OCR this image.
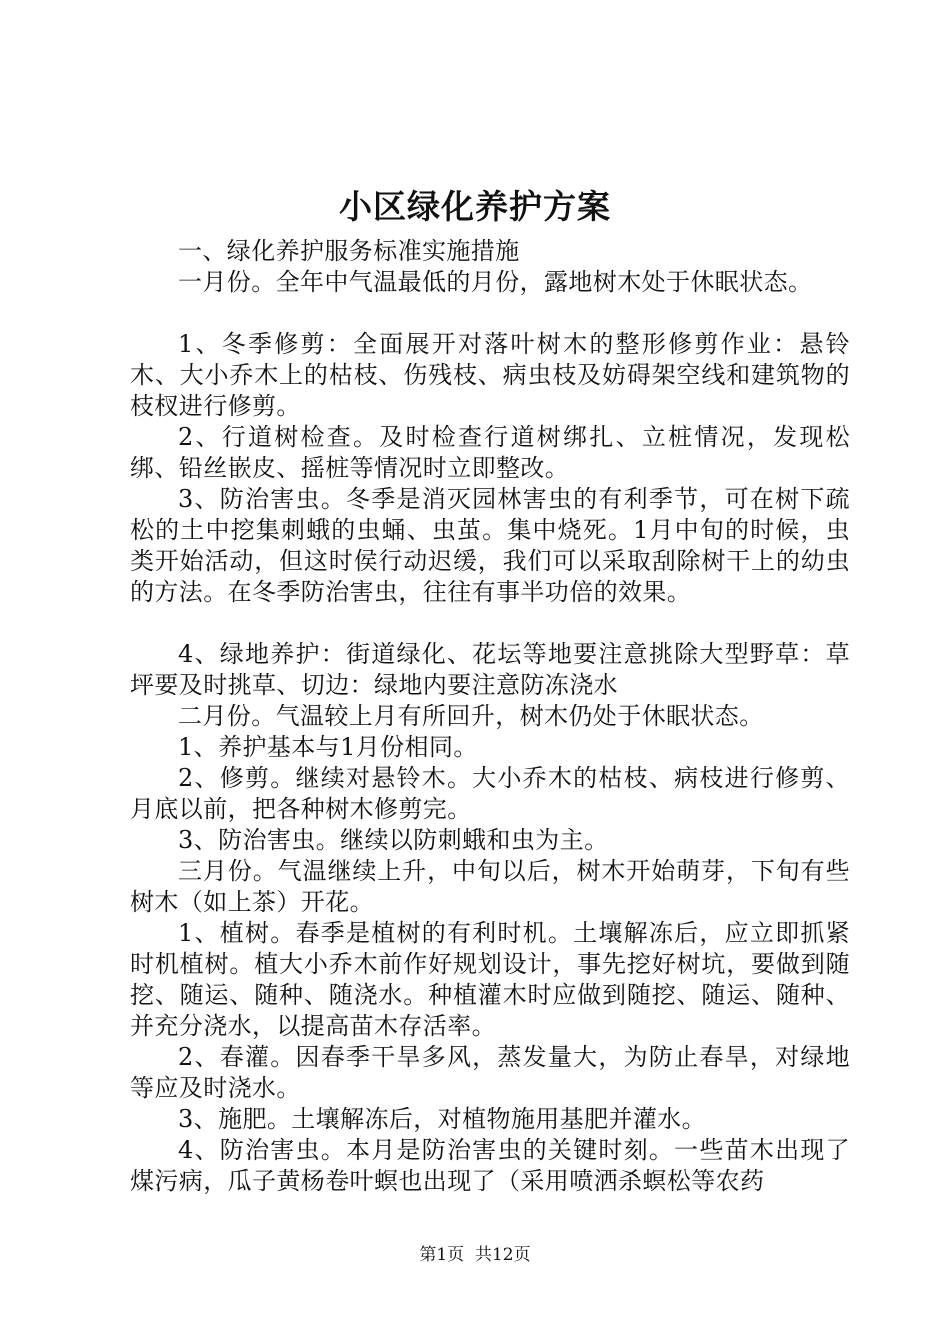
小区绿化养护方案

一、绿化养护服务标准实施措施

一月份。全年中气温最低的月份，露地树木处于休眠状态。

1、冬季修剪：全面展开对落叶树木的整形修剪作业：悬铃木、大小乔木上的枯枝、伤残枝、病虫枝及妨碍架空线和建筑物的枝杈进行修剪。

2、行道树检查。及时检查行道树绑扎、立桩情况，发现松绑、铅丝嵌皮、摇桩等情况时立即整改。

3、防治害虫。冬季是消灭园林害虫的有利季节，可在树下疏松的土中挖集刺蛾的虫蛹、虫茧。集中烧死。1月中旬的时候，虫类开始活动，但这时侯行动迟缓，我们可以采取刮除树干上的幼虫的方法。在冬季防治害虫，往往有事半功倍的效果。

4、绿地养护：街道绿化、花坛等地要注意挑除大型野草：草坪要及时挑草、切边：绿地内要注意防冻浇水

二月份。气温较上月有所回升，树木仍处于休眠状态。

1、养护基本与1月份相同。

2、修剪。继续对悬铃木。大小乔木的枯枝、病枝进行修剪、月底以前，把各种树木修剪完。

3、防治害虫。继续以防刺蛾和虫为主。

三月份。气温继续上升，中旬以后，树木开始萌芽，下旬有些树木（如上茶）开花。

1、植树。春季是植树的有利时机。土壤解冻后，应立即抓紧时机植树。植大小乔木前作好规划设计，事先挖好树坑，要做到随挖、随运、随种、随浇水。种植灌木时应做到随挖、随运、随种、并充分浇水，以提高苗木存活率。

2、春灌。因春季干旱多风，蒸发量大，为防止春旱，对绿地等应及时浇水。

3、施肥。土壤解冻后，对植物施用基肥并灌水。

4、防治害虫。本月是防治害虫的关键时刻。一些苗木出现了煤污病，瓜子黄杨卷叶螟也出现了（采用喷洒杀螟松等农药

第1页  共12页
